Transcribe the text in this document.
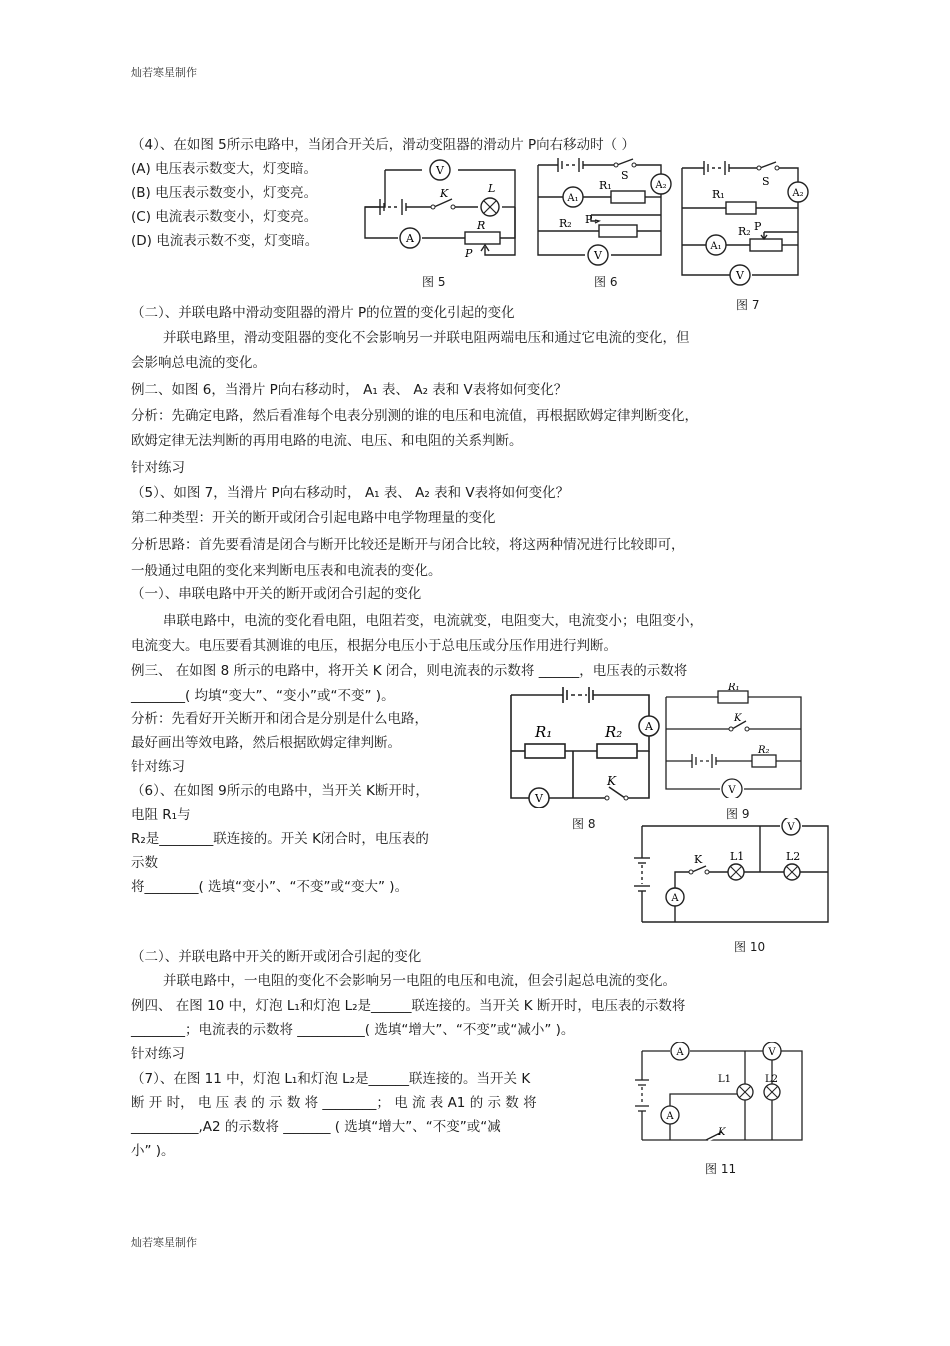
灿若寒星制作
灿若寒星制作
（4）、在如图 5所示电路中，当闭合开关后，滑动变阻器的滑动片 P向右移动时（ ）
(A) 电压表示数变大，灯变暗。
(B) 电压表示数变小，灯变亮。
(C) 电流表示数变小，灯变亮。
(D) 电流表示数不变，灯变暗。
V
A
K	L
R
P
图 5
A₁
A₂
V
S
R₁
R₂ P
图 6
A₁
A₂
V
S
R₁
R₂ P
图 7
（二）、并联电路中滑动变阻器的滑片 P的位置的变化引起的变化
并联电路里，滑动变阻器的变化不会影响另一并联电阻两端电压和通过它电流的变化，但
会影响总电流的变化。
例二、如图 6，当滑片 P向右移动时， A₁ 表、 A₂ 表和 V表将如何变化？
分析：先确定电路，然后看准每个电表分别测的谁的电压和电流值，再根据欧姆定律判断变化，
欧姆定律无法判断的再用电路的电流、电压、和电阻的关系判断。
针对练习
（5）、如图 7，当滑片 P向右移动时， A₁ 表、 A₂ 表和 V表将如何变化？
第二种类型：开关的断开或闭合引起电路中电学物理量的变化
分析思路：首先要看清是闭合与断开比较还是断开与闭合比较，将这两种情况进行比较即可，
一般通过电阻的变化来判断电压表和电流表的变化。
（一）、串联电路中开关的断开或闭合引起的变化
串联电路中，电流的变化看电阻，电阻若变，电流就变，电阻变大，电流变小；电阻变小，
电流变大。电压要看其测谁的电压，根据分电压小于总电压或分压作用进行判断。
例三、 在如图 8 所示的电路中，将开关 K 闭合，则电流表的示数将 ______，电压表的示数将
________( 均填“变大”、“变小”或“不变” )。
分析：先看好开关断开和闭合是分别是什么电路，
最好画出等效电路，然后根据欧姆定律判断。
针对练习
（6）、在如图 9所示的电路中，当开关 K断开时，
电阻 R₁与
R₂是________联连接的。开关 K闭合时，电压表的
示数
将________( 选填“变小”、“不变”或“变大” )。
A
V
R₁	R₂
K
图 8
V
R₁
K
R₂
图 9
V
A
K	L1	L2
图 10
（二）、并联电路中开关的断开或闭合引起的变化
并联电路中，一电阻的变化不会影响另一电阻的电压和电流，但会引起总电流的变化。
例四、 在图 10 中，灯泡 L₁和灯泡 L₂是______联连接的。当开关 K 断开时，电压表的示数将
________；电流表的示数将 __________( 选填“增大”、“不变”或“减小” )。
针对练习
（7）、在图 11 中，灯泡 L₁和灯泡 L₂是______联连接的。当开关 K
断 开 时， 电 压 表 的 示 数 将 ________； 电 流 表 A1 的 示 数 将
__________,A2 的示数将 _______ ( 选填“增大”、“不变”或“减
小” )。
A	V
A
K
L1	L2
图 11
